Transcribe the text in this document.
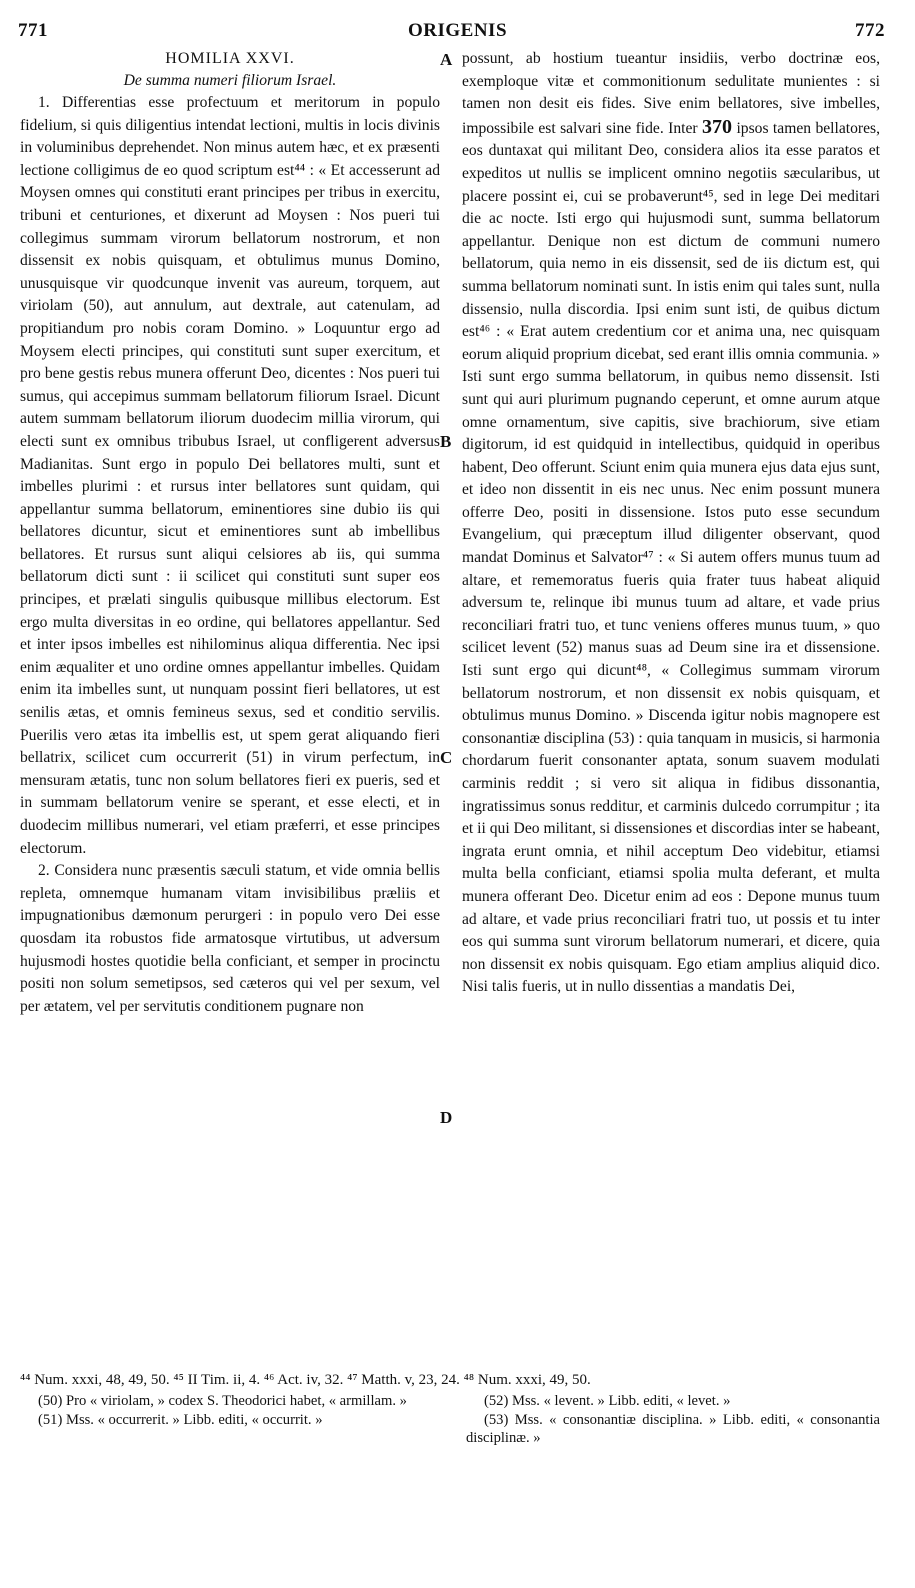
771	ORIGENIS	772
HOMILIA XXVI.
De summa numeri filiorum Israel.

1. Differentias esse profectuum et meritorum in populo fidelium, si quis diligentius intendat lectioni, multis in locis divinis in voluminibus deprehendet. Non minus autem hæc, et ex præsenti lectione colligimus de eo quod scriptum est⁴⁴ : « Et accesserunt ad Moysen omnes qui constituti erant principes per tribus in exercitu, tribuni et centuriones, et dixerunt ad Moysen : Nos pueri tui collegimus summam virorum bellatorum nostrorum, et non dissensit ex nobis quisquam, et obtulimus munus Domino, unusquisque vir quodcunque invenit vas aureum, torquem, aut viriolam (50), aut annulum, aut dextrale, aut catenulam, ad propitiandum pro nobis coram Domino. » Loquuntur ergo ad Moysem electi principes, qui constituti sunt super exercitum, et pro bene gestis rebus munera offerunt Deo, dicentes : Nos pueri tui sumus, qui accepimus summam bellatorum filiorum Israel. Dicunt autem summam bellatorum iliorum duodecim millia virorum, qui electi sunt ex omnibus tribubus Israel, ut confligerent adversus Madianitas. Sunt ergo in populo Dei bellatores multi, sunt et imbelles plurimi : et rursus inter bellatores sunt quidam, qui appellantur summa bellatorum, eminentiores sine dubio iis qui bellatores dicuntur, sicut et eminentiores sunt ab imbellibus bellatores. Et rursus sunt aliqui celsiores ab iis, qui summa bellatorum dicti sunt : ii scilicet qui constituti sunt super eos principes, et prælati singulis quibusque millibus electorum. Est ergo multa diversitas in eo ordine, qui bellatores appellantur. Sed et inter ipsos imbelles est nihilominus aliqua differentia. Nec ipsi enim æqualiter et uno ordine omnes appellantur imbelles. Quidam enim ita imbelles sunt, ut nunquam possint fieri bellatores, ut est senilis ætas, et omnis femineus sexus, sed et conditio servilis. Puerilis vero ætas ita imbellis est, ut spem gerat aliquando fieri bellatrix, scilicet cum occurrerit (51) in virum perfectum, in mensuram ætatis, tunc non solum bellatores fieri ex pueris, sed et in summam bellatorum venire se sperant, et esse electi, et in duodecim millibus numerari, vel etiam præferri, et esse principes electorum.

2. Considera nunc præsentis sæculi statum, et vide omnia bellis repleta, omnemque humanam vitam invisibilibus præliis et impugnationibus dæmonum perurgeri : in populo vero Dei esse quosdam ita robustos fide armatosque virtutibus, ut adversum hujusmodi hostes quotidie bella conficiant, et semper in procinctu positi non solum semetipsos, sed cæteros qui vel per sexum, vel per ætatem, vel per servitutis conditionem pugnare non

possunt, ab hostium tueantur insidiis, verbo doctrinæ eos, exemploque vitæ et commonitionum sedulitate munientes : si tamen non desit eis fides. Sive enim bellatores, sive imbelles, impossibile est salvari sine fide. Inter 370 ipsos tamen bellatores, eos duntaxat qui militant Deo, considera alios ita esse paratos et expeditos ut nullis se implicent omnino negotiis sæcularibus, ut placere possint ei, cui se probaverunt⁴⁵, sed in lege Dei meditari die ac nocte. Isti ergo qui hujusmodi sunt, summa bellatorum appellantur. Denique non est dictum de communi numero bellatorum, quia nemo in eis dissensit, sed de iis dictum est, qui summa bellatorum nominati sunt. In istis enim qui tales sunt, nulla dissensio, nulla discordia. Ipsi enim sunt isti, de quibus dictum est⁴⁶ : « Erat autem credentium cor et anima una, nec quisquam eorum aliquid proprium dicebat, sed erant illis omnia communia. » Isti sunt ergo summa bellatorum, in quibus nemo dissensit. Isti sunt qui auri plurimum pugnando ceperunt, et omne aurum atque omne ornamentum, sive capitis, sive brachiorum, sive etiam digitorum, id est quidquid in intellectibus, quidquid in operibus habent, Deo offerunt. Sciunt enim quia munera ejus data ejus sunt, et ideo non dissentit in eis nec unus. Nec enim possunt munera offerre Deo, positi in dissensione. Istos puto esse secundum Evangelium, qui præceptum illud diligenter observant, quod mandat Dominus et Salvator⁴⁷ : « Si autem offers munus tuum ad altare, et rememoratus fueris quia frater tuus habeat aliquid adversum te, relinque ibi munus tuum ad altare, et vade prius reconciliari fratri tuo, et tunc veniens offeres munus tuum, » quo scilicet levent (52) manus suas ad Deum sine ira et dissensione. Isti sunt ergo qui dicunt⁴⁸, « Collegimus summam virorum bellatorum nostrorum, et non dissensit ex nobis quisquam, et obtulimus munus Domino. » Discenda igitur nobis magnopere est consonantiæ disciplina (53) : quia tanquam in musicis, si harmonia chordarum fuerit consonanter aptata, sonum suavem modulati carminis reddit ; si vero sit aliqua in fidibus dissonantia, ingratissimus sonus redditur, et carminis dulcedo corrumpitur ; ita et ii qui Deo militant, si dissensiones et discordias inter se habeant, ingrata erunt omnia, et nihil acceptum Deo videbitur, etiamsi multa bella conficiant, etiamsi spolia multa deferant, et multa munera offerant Deo. Dicetur enim ad eos : Depone munus tuum ad altare, et vade prius reconciliari fratri tuo, ut possis et tu inter eos qui summa sunt virorum bellatorum numerari, et dicere, quia non dissensit ex nobis quisquam. Ego etiam amplius aliquid dico. Nisi talis fueris, ut in nullo dissentias a mandatis Dei,

A
B
C
D
⁴⁴ Num. xxxi, 48, 49, 50. ⁴⁵ II Tim. ii, 4. ⁴⁶ Act. iv, 32. ⁴⁷ Matth. v, 23, 24. ⁴⁸ Num. xxxi, 49, 50.

(50) Pro « viriolam, » codex S. Theodorici habet, « armillam. »

(51) Mss. « occurrerit. » Libb. editi, « occurrit. »

(52) Mss. « levent. » Libb. editi, « levet. »

(53) Mss. « consonantiæ disciplina. » Libb. editi, « consonantia disciplinæ. »
